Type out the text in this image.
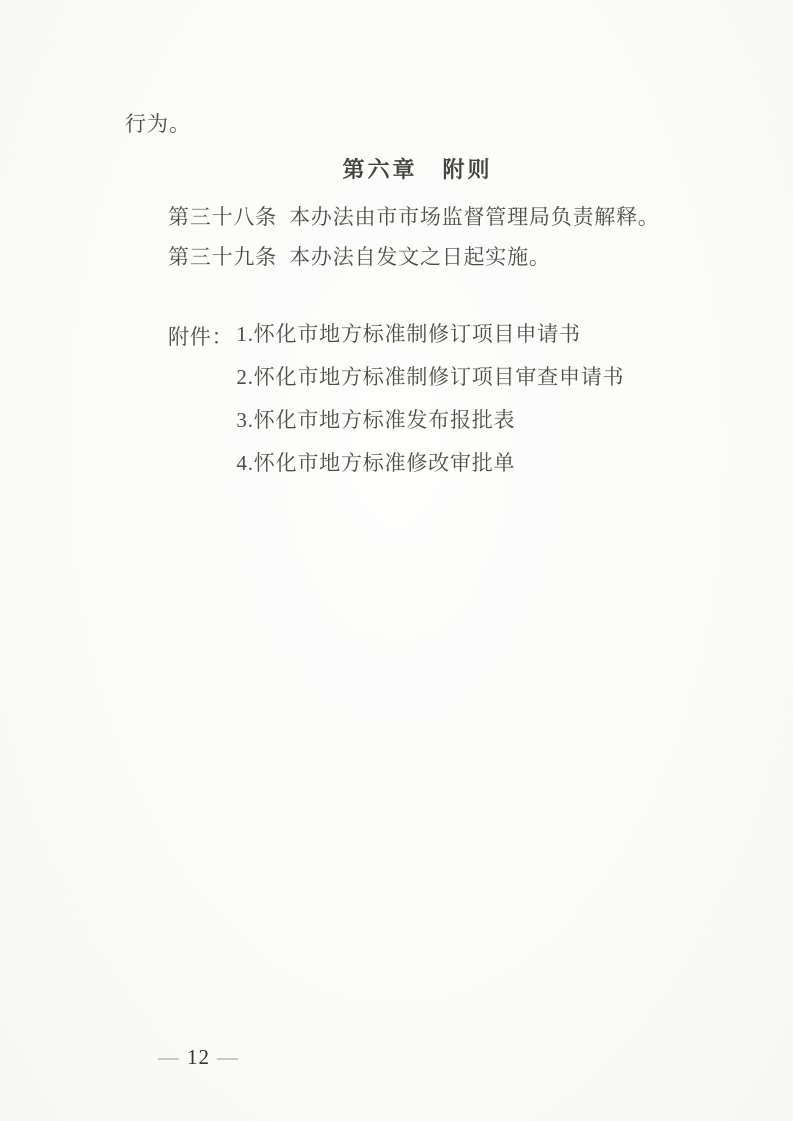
行为。
第六章　附则
第三十八条  本办法由市市场监督管理局负责解释。
第三十九条  本办法自发文之日起实施。
附件： 1.怀化市地方标准制修订项目申请书
2.怀化市地方标准制修订项目审查申请书
3.怀化市地方标准发布报批表
4.怀化市地方标准修改审批单

— 12 —
